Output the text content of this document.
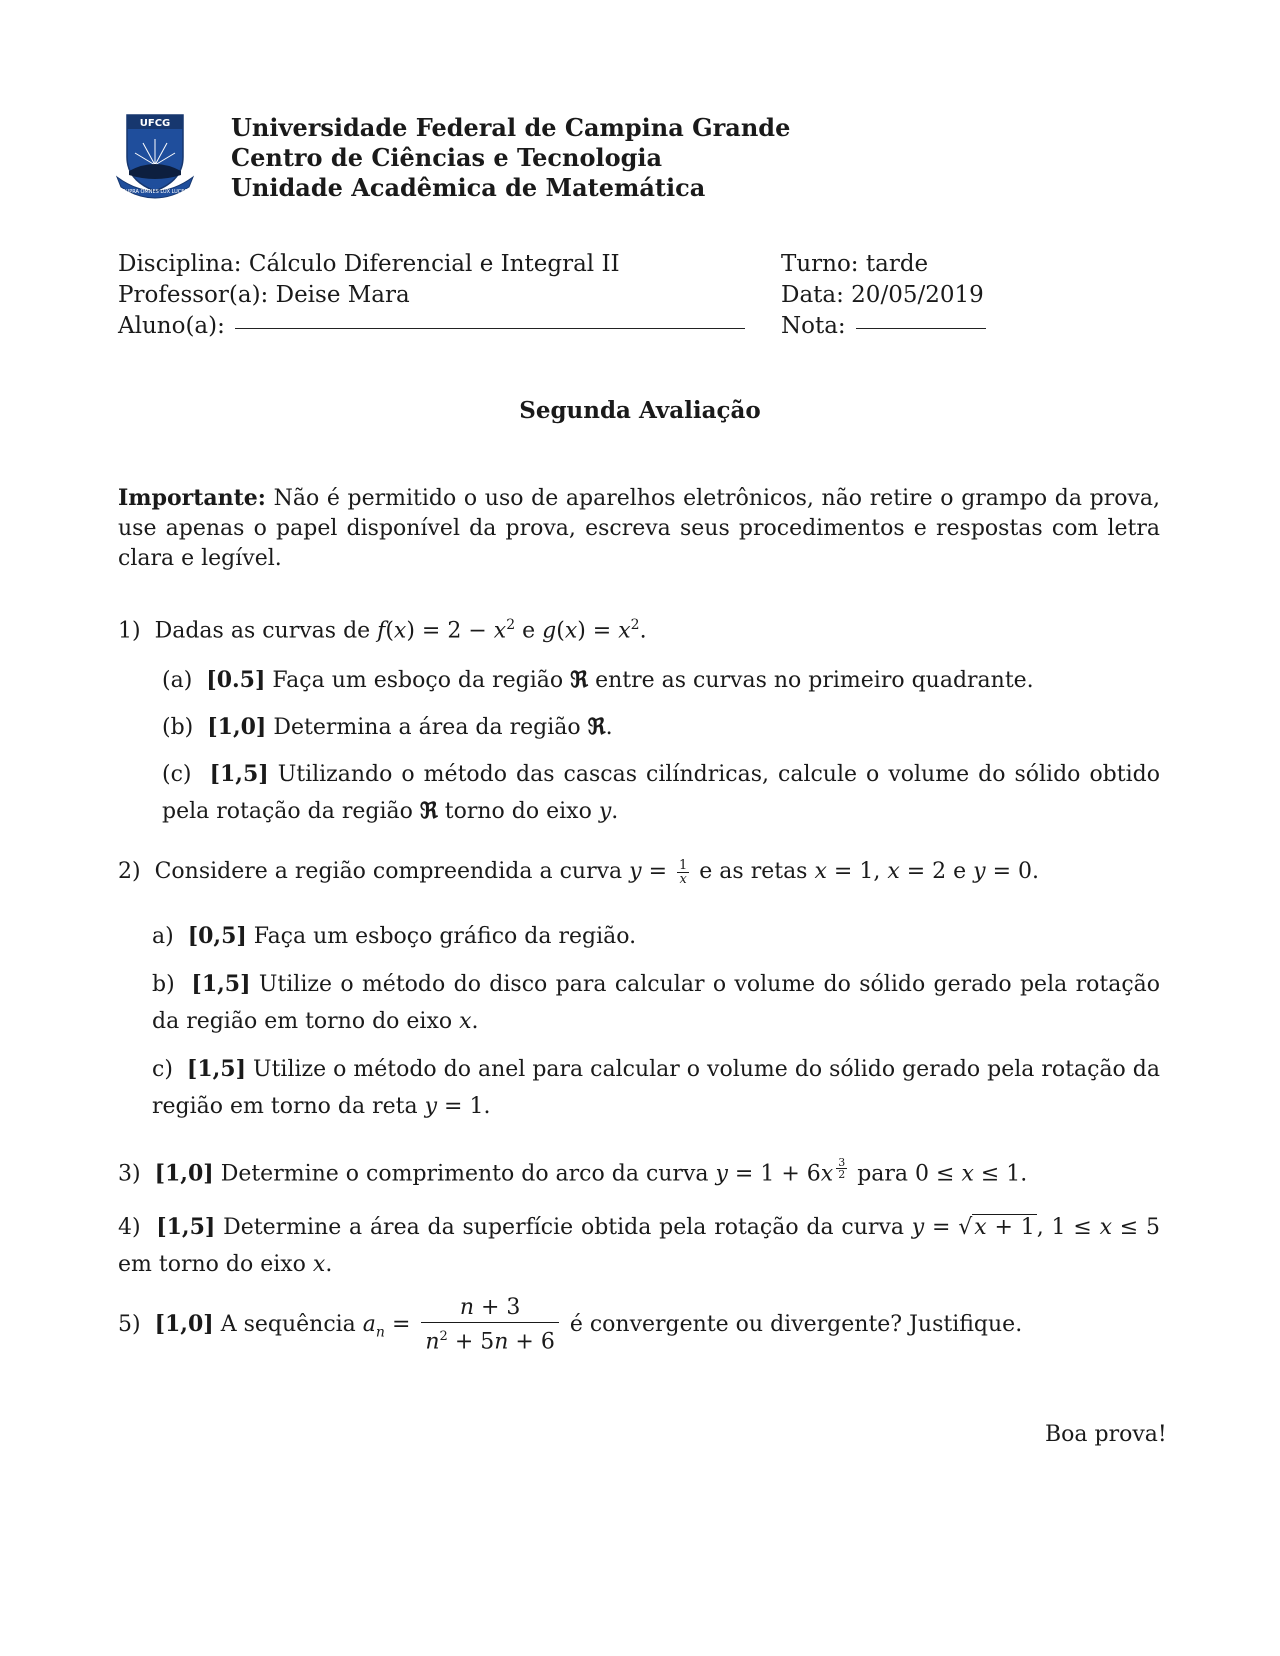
UFCG
SUPRA OMNES LUX LUCES
Universidade Federal de Campina Grande
Centro de Ciências e Tecnologia
Unidade Acadêmica de Matemática
Disciplina: Cálculo Diferencial e Integral II
Professor(a): Deise Mara
Aluno(a):
Turno: tarde
Data: 20/05/2019
Nota:
Segunda Avaliação
Importante: Não é permitido o uso de aparelhos eletrônicos, não retire o grampo da prova, use apenas o papel disponível da prova, escreva seus procedimentos e respostas com letra clara e legível.
1) Dadas as curvas de $f(x) = 2 - x^2$ e $g(x) = x^2$.
(a) [0.5] Faça um esboço da região ℜ entre as curvas no primeiro quadrante.
(b) [1,0] Determina a área da região ℜ.
(c) [1,5] Utilizando o método das cascas cilíndricas, calcule o volume do sólido obtido pela rotação da região ℜ torno do eixo y.
2) Considere a região compreendida a curva $y = \frac{1}{x}$ e as retas x = 1, x = 2 e y = 0.
a) [0,5] Faça um esboço gráfico da região.
b) [1,5] Utilize o método do disco para calcular o volume do sólido gerado pela rotação da região em torno do eixo x.
c) [1,5] Utilize o método do anel para calcular o volume do sólido gerado pela rotação da região em torno da reta y = 1.
3) [1,0] Determine o comprimento do arco da curva y = 1 + 6x $^{\frac{3}{2}}$ para 0 ≤ x ≤ 1.
4) [1,5] Determine a área da superfície obtida pela rotação da curva y = √x + 1, 1 ≤ x ≤ 5 em torno do eixo x.
5) [1,0] A sequência $a_n = \frac{n + 3}{n^2 + 5n + 6}$ é convergente ou divergente? Justifique.
Boa prova!
